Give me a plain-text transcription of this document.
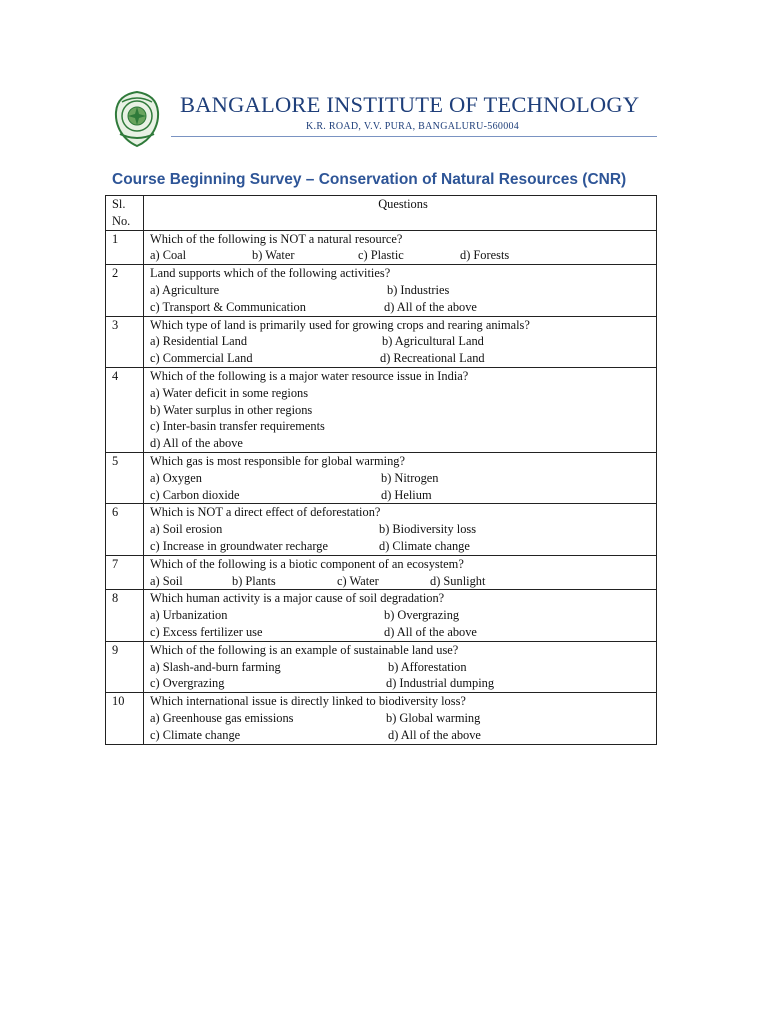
BANGALORE INSTITUTE OF TECHNOLOGY
K.R. ROAD, V.V. PURA, BANGALURU-560004
Course Beginning Survey – Conservation of Natural Resources (CNR)
Sl.
No.	Questions
1	Which of the following is NOT a natural resource?
a) Coal b) Water c) Plastic d) Forests

2	Land supports which of the following activities?
a) Agriculture b) Industries
c) Transport & Communication d) All of the above

3	Which type of land is primarily used for growing crops and rearing animals?
a) Residential Land b) Agricultural Land
c) Commercial Land d) Recreational Land

4	Which of the following is a major water resource issue in India?
a) Water deficit in some regions
b) Water surplus in other regions
c) Inter-basin transfer requirements
d) All of the above

5	Which gas is most responsible for global warming?
a) Oxygen b) Nitrogen
c) Carbon dioxide d) Helium

6	Which is NOT a direct effect of deforestation?
a) Soil erosion b) Biodiversity loss
c) Increase in groundwater recharge d) Climate change

7	Which of the following is a biotic component of an ecosystem?
a) Soil b) Plants c) Water d) Sunlight

8	Which human activity is a major cause of soil degradation?
a) Urbanization b) Overgrazing
c) Excess fertilizer use d) All of the above

9	Which of the following is an example of sustainable land use?
a) Slash-and-burn farming b) Afforestation
c) Overgrazing d) Industrial dumping

10	Which international issue is directly linked to biodiversity loss?
a) Greenhouse gas emissions b) Global warming
c) Climate change d) All of the above
